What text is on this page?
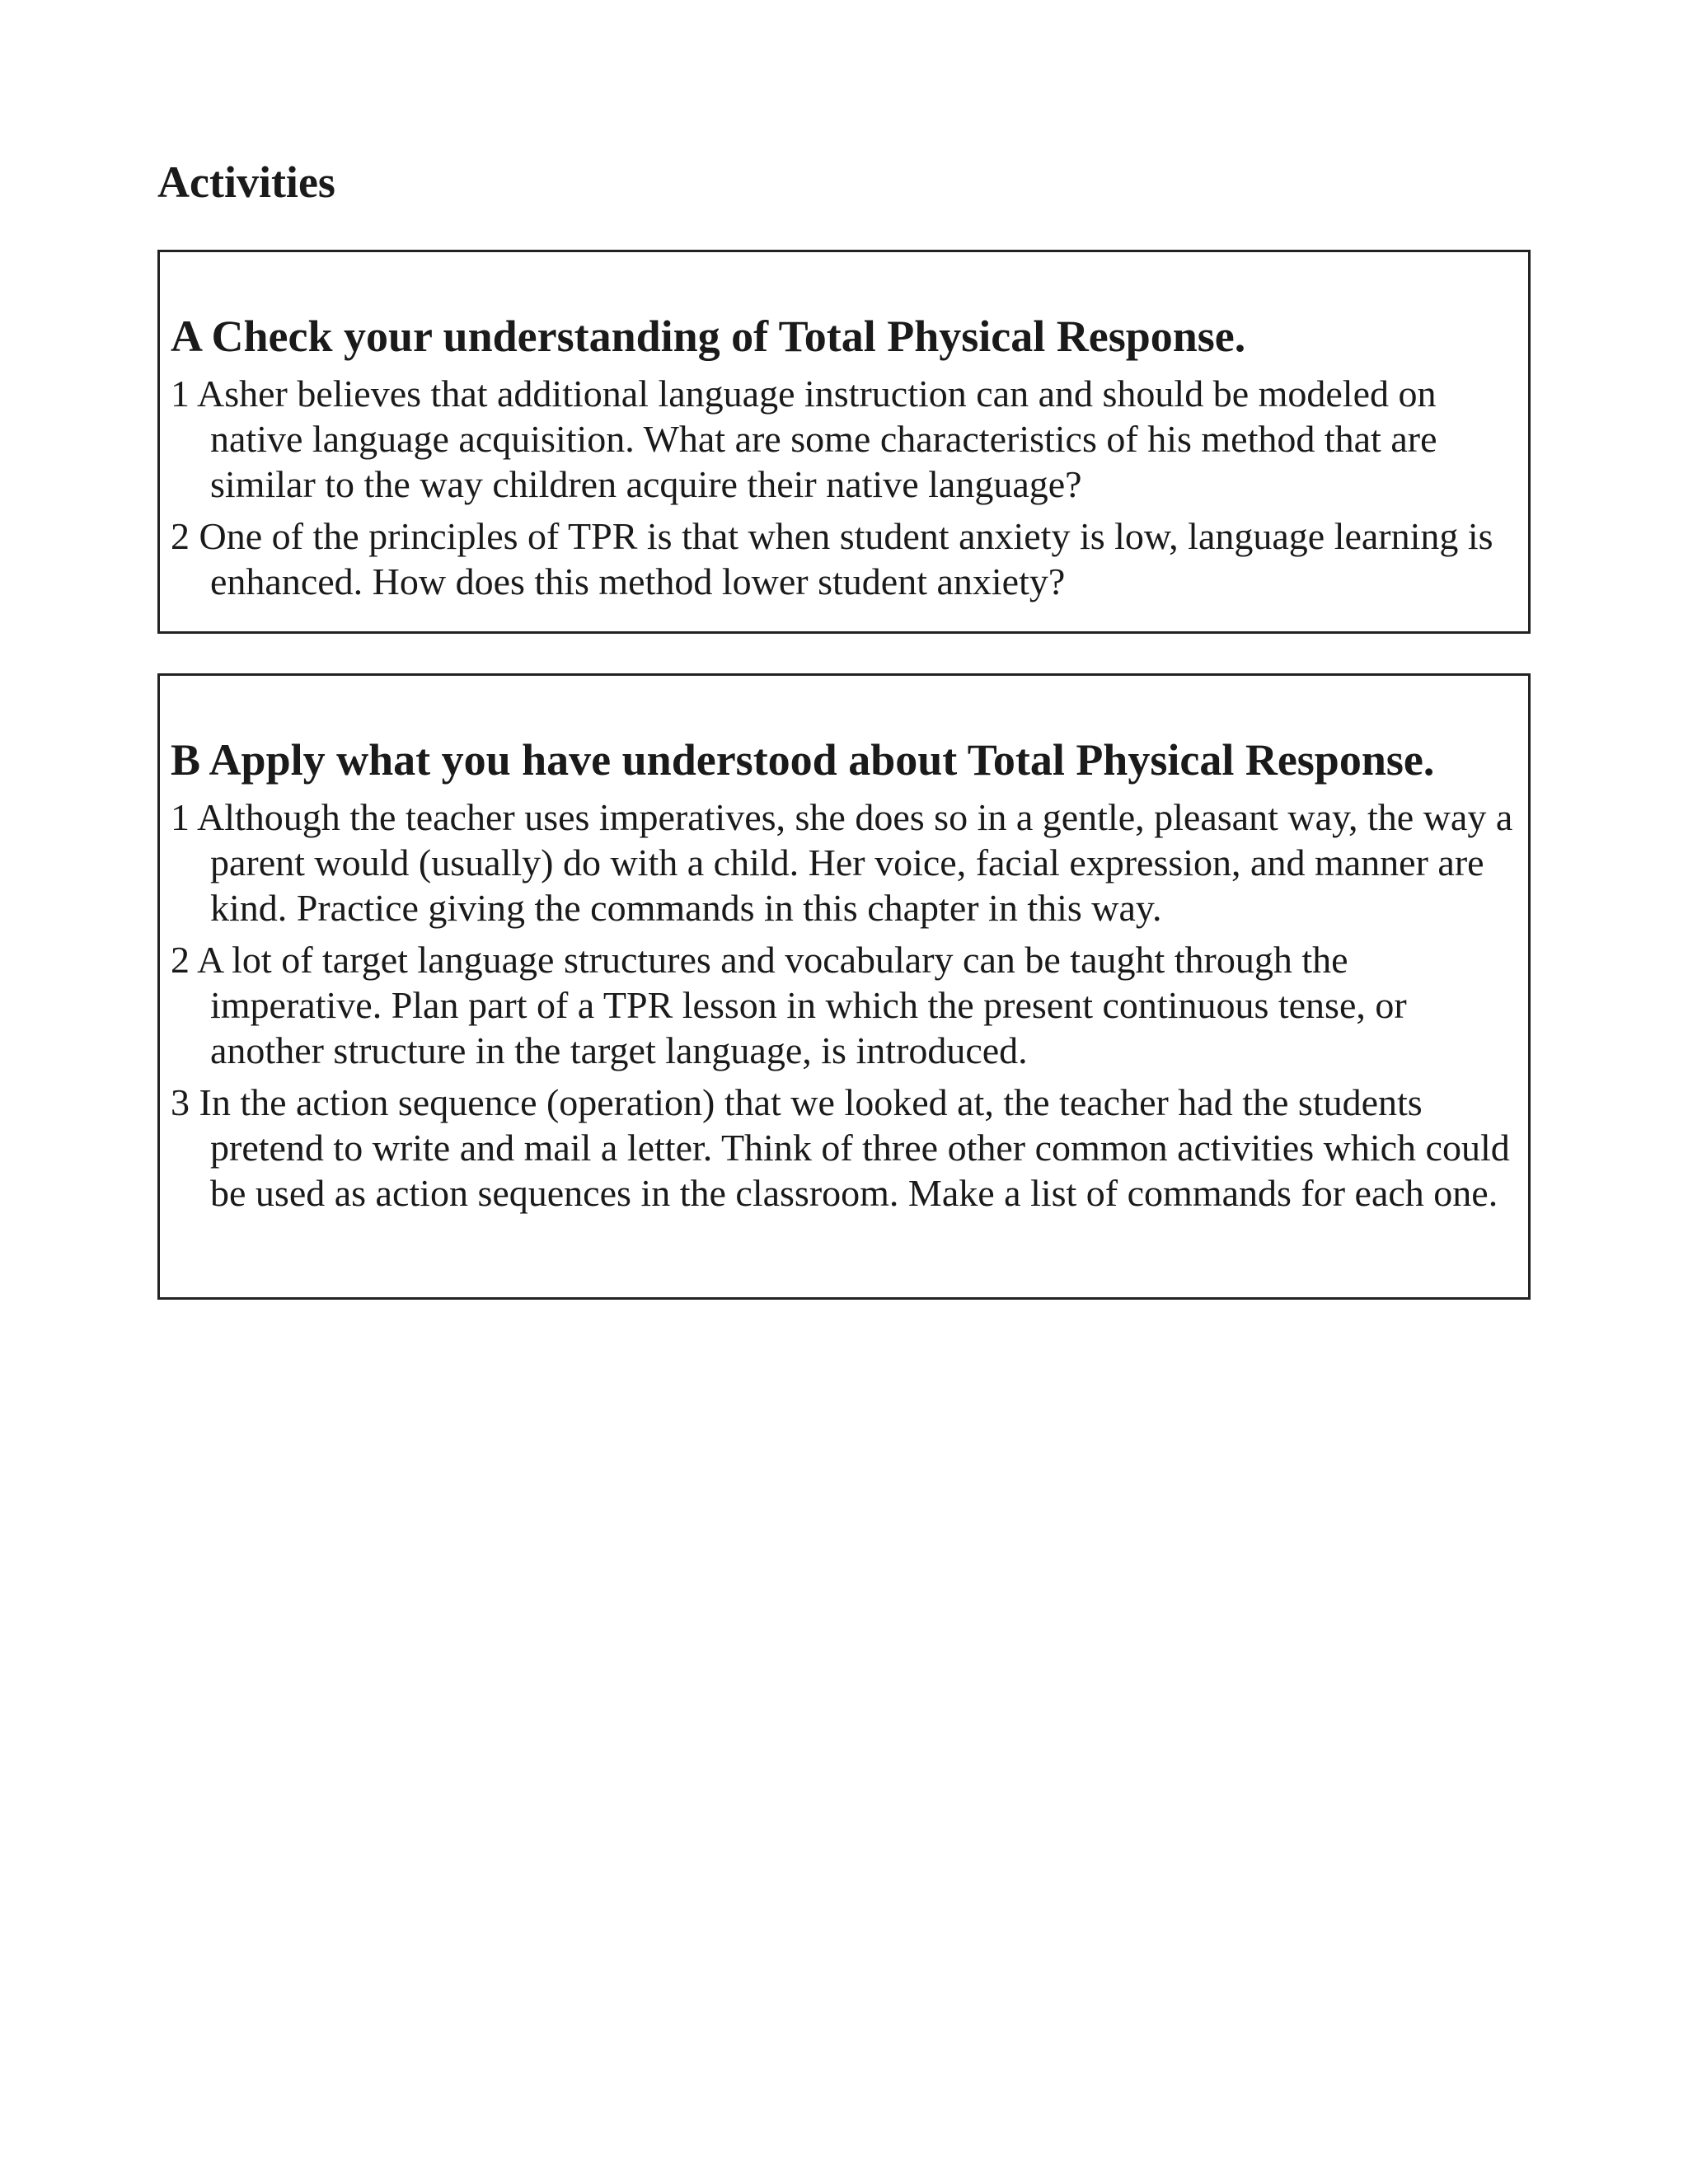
Activities
A Check your understanding of Total Physical Response.

1 Asher believes that additional language instruction can and should be modeled on native language acquisition. What are some characteristics of his method that are similar to the way children acquire their native language?

2 One of the principles of TPR is that when student anxiety is low, language learning is enhanced. How does this method lower student anxiety?

B Apply what you have understood about Total Physical Response.

1 Although the teacher uses imperatives, she does so in a gentle, pleasant way, the way a parent would (usually) do with a child. Her voice, facial expression, and manner are kind. Practice giving the commands in this chapter in this way.

2 A lot of target language structures and vocabulary can be taught through the imperative. Plan part of a TPR lesson in which the present continuous tense, or another structure in the target language, is introduced.

3 In the action sequence (operation) that we looked at, the teacher had the students pretend to write and mail a letter. Think of three other common activities which could be used as action sequences in the classroom. Make a list of commands for each one.
